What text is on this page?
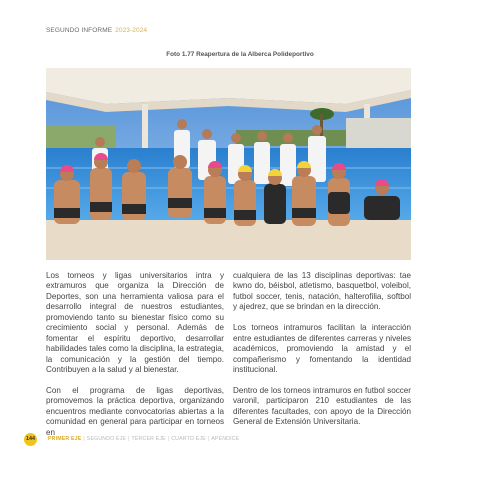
SEGUNDO INFORME 2023-2024
Foto 1.77 Reapertura de la Alberca Polideportivo

Los torneos y ligas universitarios intra y extramuros que organiza la Dirección de Deportes, son una herramienta valiosa para el desarrollo integral de nuestros estudiantes, promoviendo tanto su bienestar físico como su crecimiento social y personal. Además de fomentar el espíritu deportivo, desarrollar habilidades tales como la disciplina, la estrategia, la comunicación y la gestión del tiempo. Contribuyen a la salud y al bienestar.

Con el programa de ligas deportivas, promovemos la práctica deportiva, organizando encuentros mediante convocatorias abiertas a la comunidad en general para participar en torneos en

cualquiera de las 13 disciplinas deportivas: tae kwno do, béisbol, atletismo, basquetbol, voleibol, futbol soccer, tenis, natación, halterofilia, softbol y ajedrez, que se brindan en la dirección.

Los torneos intramuros facilitan la interacción entre estudiantes de diferentes carreras y niveles académicos, promoviendo la amistad y el compañerismo y fomentando la identidad institucional.

Dentro de los torneos intramuros en futbol soccer varonil, participaron 210 estudiantes de las diferentes facultades, con apoyo de la Dirección General de Extensión Universitaria.

144	PRIMER EJE | SEGUNDO EJE | TERCER EJE | CUARTO EJE | APÉNDICE
